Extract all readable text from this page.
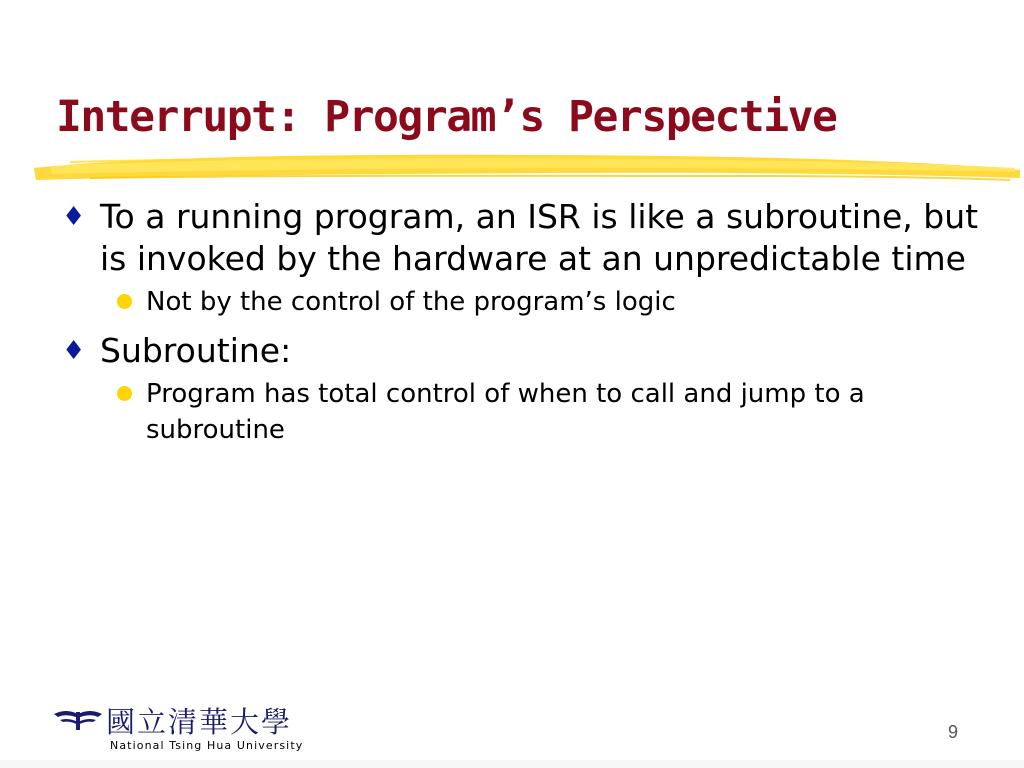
Interrupt: Program’s Perspective
♦ To a running program, an ISR is like a subroutine, but is invoked by the hardware at an unpredictable time
Not by the control of the program’s logic
♦ Subroutine:
Program has total control of when to call and jump to a subroutine
國立清華大學
National Tsing Hua University
9
